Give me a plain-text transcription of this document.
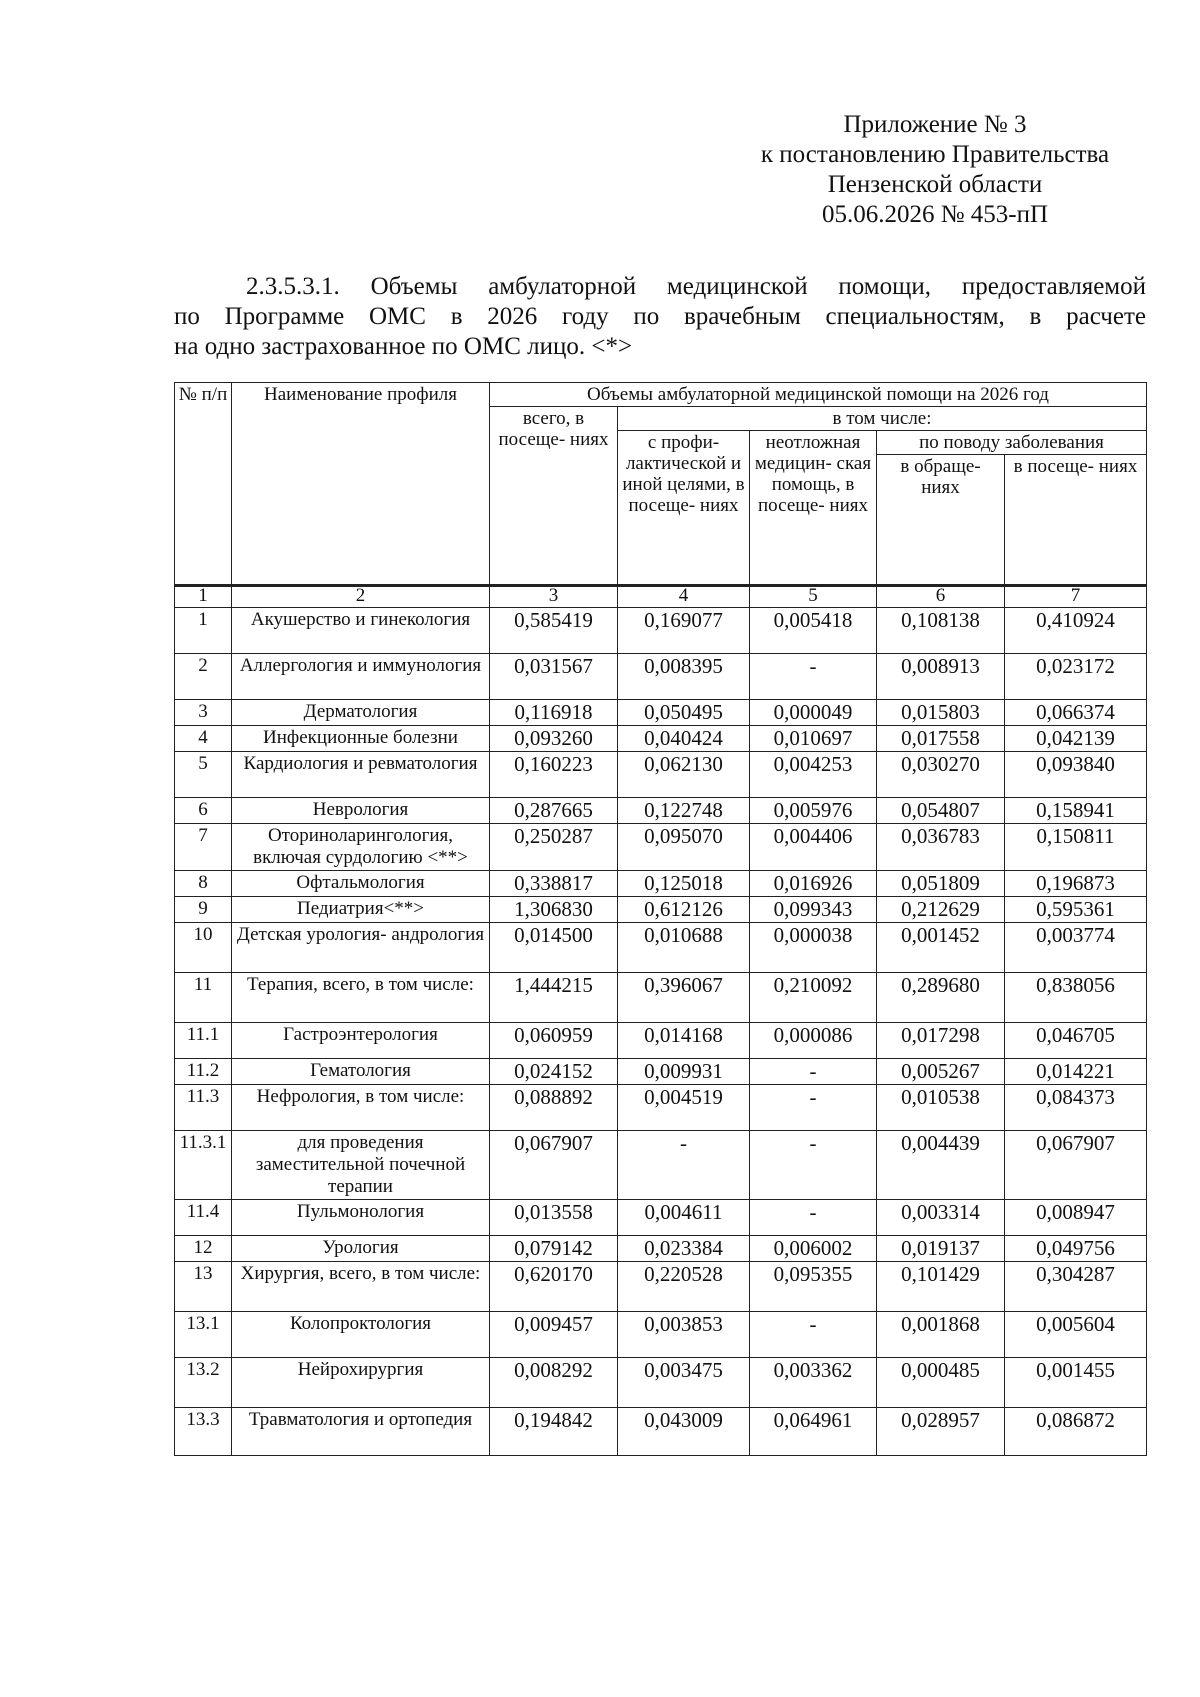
Приложение № 3
к постановлению Правительства
Пензенской области
05.06.2026 № 453-пП
2.3.5.3.1. Объемы амбулаторной медицинской помощи, предоставляемой
по Программе ОМС в 2026 году по врачебным специальностям, в расчете
на одно застрахованное по ОМС лицо. <*>
№ п/п	Наименование профиля	Объемы амбулаторной медицинской помощи на 2026 год				
		всего, в посеще- ниях	в том числе:			
			с профи- лактической и иной целями, в посеще- ниях	неотложная медицин- ская помощь, в посеще- ниях	по поводу заболевания	
					в обраще- ниях	в посеще- ниях

1	2	3	4	5	6	7
1	Акушерство и гинекология	0,585419	0,169077	0,005418	0,108138	0,410924
2	Аллергология и иммунология	0,031567	0,008395	-	0,008913	0,023172
3	Дерматология	0,116918	0,050495	0,000049	0,015803	0,066374
4	Инфекционные болезни	0,093260	0,040424	0,010697	0,017558	0,042139
5	Кардиология и ревматология	0,160223	0,062130	0,004253	0,030270	0,093840
6	Неврология	0,287665	0,122748	0,005976	0,054807	0,158941
7	Оториноларингология, включая сурдологию <**>	0,250287	0,095070	0,004406	0,036783	0,150811
8	Офтальмология	0,338817	0,125018	0,016926	0,051809	0,196873
9	Педиатрия<**>	1,306830	0,612126	0,099343	0,212629	0,595361
10	Детская урология- андрология	0,014500	0,010688	0,000038	0,001452	0,003774
11	Терапия, всего, в том числе:	1,444215	0,396067	0,210092	0,289680	0,838056
11.1	Гастроэнтерология	0,060959	0,014168	0,000086	0,017298	0,046705
11.2	Гематология	0,024152	0,009931	-	0,005267	0,014221
11.3	Нефрология, в том числе:	0,088892	0,004519	-	0,010538	0,084373
11.3.1	для проведения заместительной почечной терапии	0,067907	-	-	0,004439	0,067907
11.4	Пульмонология	0,013558	0,004611	-	0,003314	0,008947
12	Урология	0,079142	0,023384	0,006002	0,019137	0,049756
13	Хирургия, всего, в том числе:	0,620170	0,220528	0,095355	0,101429	0,304287
13.1	Колопроктология	0,009457	0,003853	-	0,001868	0,005604
13.2	Нейрохирургия	0,008292	0,003475	0,003362	0,000485	0,001455
13.3	Травматология и ортопедия	0,194842	0,043009	0,064961	0,028957	0,086872
